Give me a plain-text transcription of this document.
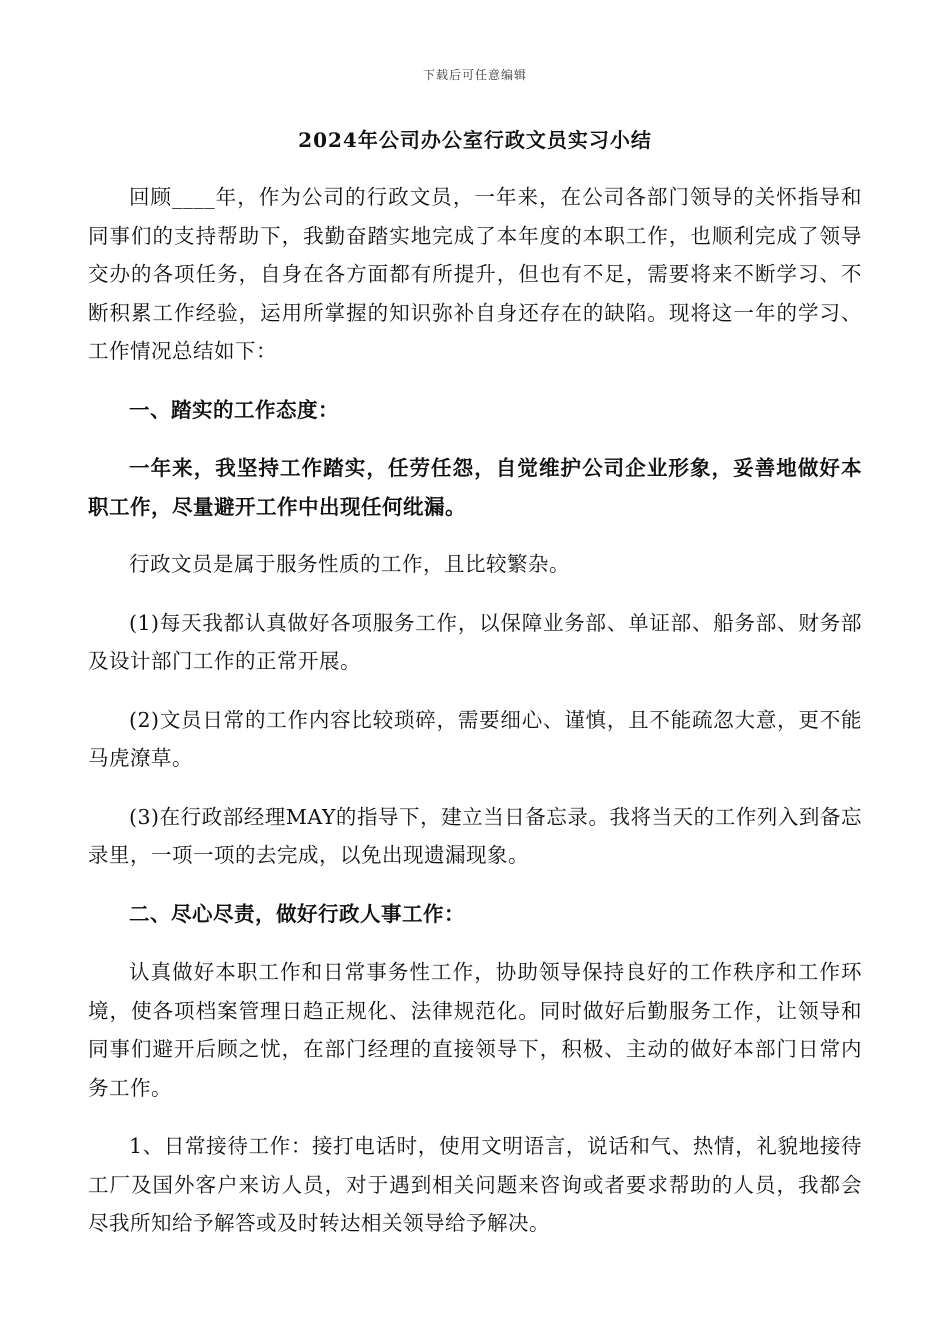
下载后可任意编辑
2024年公司办公室行政文员实习小结

回顾____年，作为公司的行政文员，一年来，在公司各部门领导的关怀指导和同事们的支持帮助下，我勤奋踏实地完成了本年度的本职工作，也顺利完成了领导交办的各项任务，自身在各方面都有所提升，但也有不足，需要将来不断学习、不断积累工作经验，运用所掌握的知识弥补自身还存在的缺陷。现将这一年的学习、工作情况总结如下：

一、踏实的工作态度：

一年来，我坚持工作踏实，任劳任怨，自觉维护公司企业形象，妥善地做好本职工作，尽量避开工作中出现任何纰漏。

行政文员是属于服务性质的工作，且比较繁杂。

(1)每天我都认真做好各项服务工作，以保障业务部、单证部、船务部、财务部及设计部门工作的正常开展。

(2)文员日常的工作内容比较琐碎，需要细心、谨慎，且不能疏忽大意，更不能马虎潦草。

(3)在行政部经理MAY的指导下，建立当日备忘录。我将当天的工作列入到备忘录里，一项一项的去完成，以免出现遗漏现象。

二、尽心尽责，做好行政人事工作：

认真做好本职工作和日常事务性工作，协助领导保持良好的工作秩序和工作环境，使各项档案管理日趋正规化、法律规范化。同时做好后勤服务工作，让领导和同事们避开后顾之忧，在部门经理的直接领导下，积极、主动的做好本部门日常内务工作。

1、日常接待工作：接打电话时，使用文明语言，说话和气、热情，礼貌地接待工厂及国外客户来访人员，对于遇到相关问题来咨询或者要求帮助的人员，我都会尽我所知给予解答或及时转达相关领导给予解决。
